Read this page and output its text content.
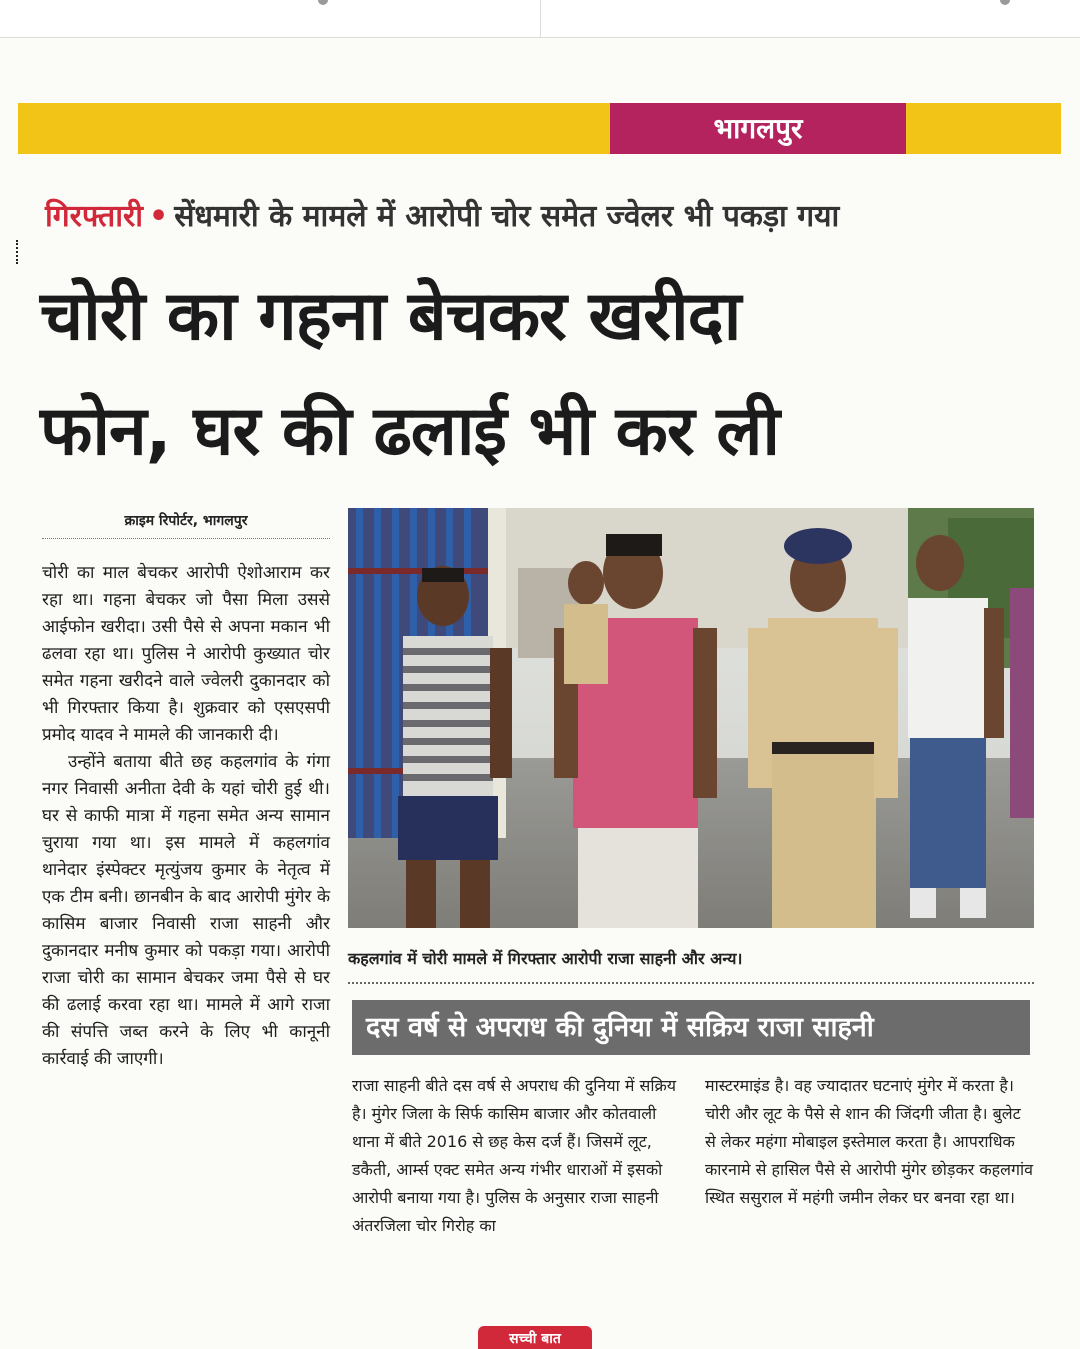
भागलपुर
गिरफ्तारी • सेंधमारी के मामले में आरोपी चोर समेत ज्वेलर भी पकड़ा गया
चोरी का गहना बेचकर खरीदा
फोन, घर की ढलाई भी कर ली
क्राइम रिपोर्टर, भागलपुर

चोरी का माल बेचकर आरोपी ऐशोआराम कर रहा था। गहना बेचकर जो पैसा मिला उससे आईफोन खरीदा। उसी पैसे से अपना मकान भी ढलवा रहा था। पुलिस ने आरोपी कुख्यात चोर समेत गहना खरीदने वाले ज्वेलरी दुकानदार को भी गिरफ्तार किया है। शुक्रवार को एसएसपी प्रमोद यादव ने मामले की जानकारी दी।

उन्होंने बताया बीते छह कहलगांव के गंगा नगर निवासी अनीता देवी के यहां चोरी हुई थी। घर से काफी मात्रा में गहना समेत अन्य सामान चुराया गया था। इस मामले में कहलगांव थानेदार इंस्पेक्टर मृत्युंजय कुमार के नेतृत्व में एक टीम बनी। छानबीन के बाद आरोपी मुंगेर के कासिम बाजार निवासी राजा साहनी और दुकानदार मनीष कुमार को पकड़ा गया। आरोपी राजा चोरी का सामान बेचकर जमा पैसे से घर की ढलाई करवा रहा था। मामले में आगे राजा की संपत्ति जब्त करने के लिए भी कानूनी कार्रवाई की जाएगी।

कहलगांव में चोरी मामले में गिरफ्तार आरोपी राजा साहनी और अन्य।
दस वर्ष से अपराध की दुनिया में सक्रिय राजा साहनी
राजा साहनी बीते दस वर्ष से अपराध की दुनिया में सक्रिय है। मुंगेर जिला के सिर्फ कासिम बाजार और कोतवाली थाना में बीते 2016 से छह केस दर्ज हैं। जिसमें लूट, डकैती, आर्म्स एक्ट समेत अन्य गंभीर धाराओं में इसको आरोपी बनाया गया है। पुलिस के अनुसार राजा साहनी अंतरजिला चोर गिरोह का
मास्टरमाइंड है। वह ज्यादातर घटनाएं मुंगेर में करता है। चोरी और लूट के पैसे से शान की जिंदगी जीता है। बुलेट से लेकर महंगा मोबाइल इस्तेमाल करता है। आपराधिक कारनामे से हासिल पैसे से आरोपी मुंगेर छोड़कर कहलगांव स्थित ससुराल में महंगी जमीन लेकर घर बनवा रहा था।
सच्ची बात
